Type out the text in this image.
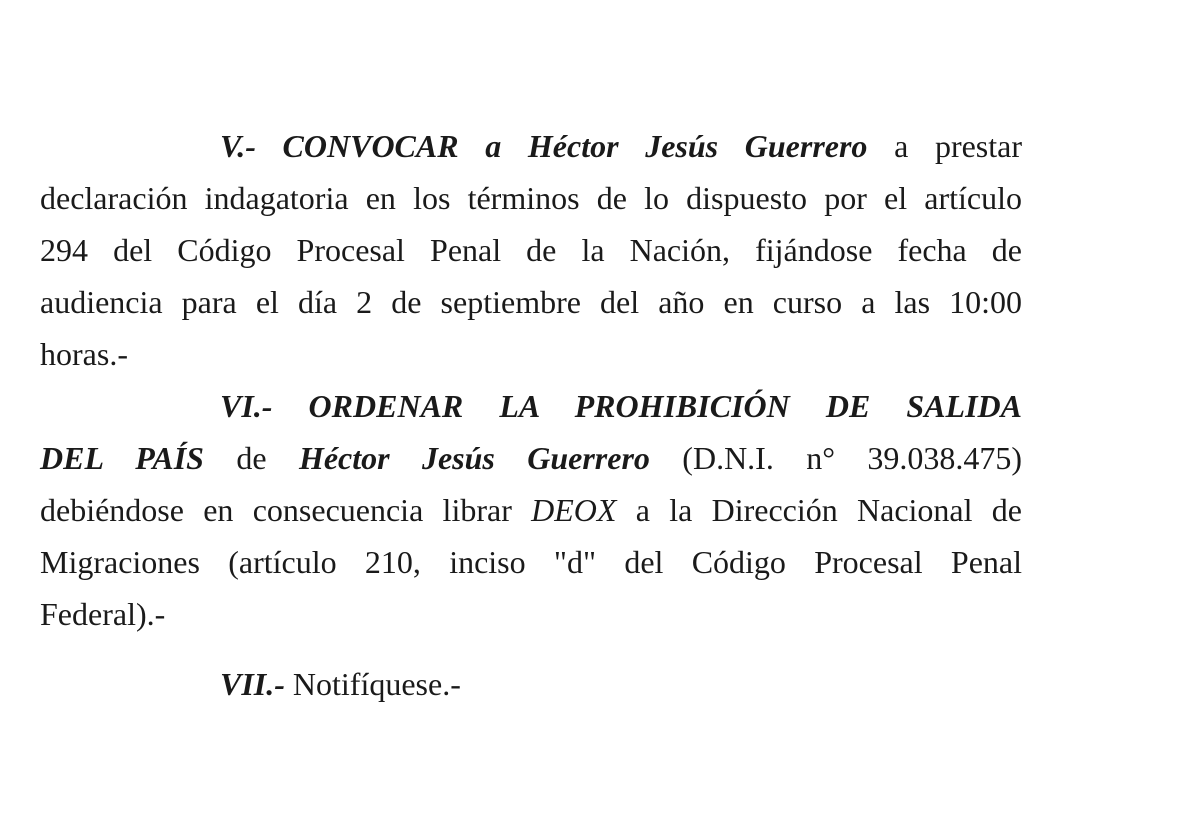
V.- CONVOCAR a Héctor Jesús Guerrero a prestar
declaración indagatoria en los términos de lo dispuesto por el artículo
294 del Código Procesal Penal de la Nación, fijándose fecha de
audiencia para el día 2 de septiembre del año en curso a las 10:00
horas.-
VI.- ORDENAR LA PROHIBICIÓN DE SALIDA
DEL PAÍS de Héctor Jesús Guerrero (D.N.I. n° 39.038.475)
debiéndose en consecuencia librar DEOX a la Dirección Nacional de
Migraciones (artículo 210, inciso "d" del Código Procesal Penal
Federal).-
VII.- Notifíquese.-
